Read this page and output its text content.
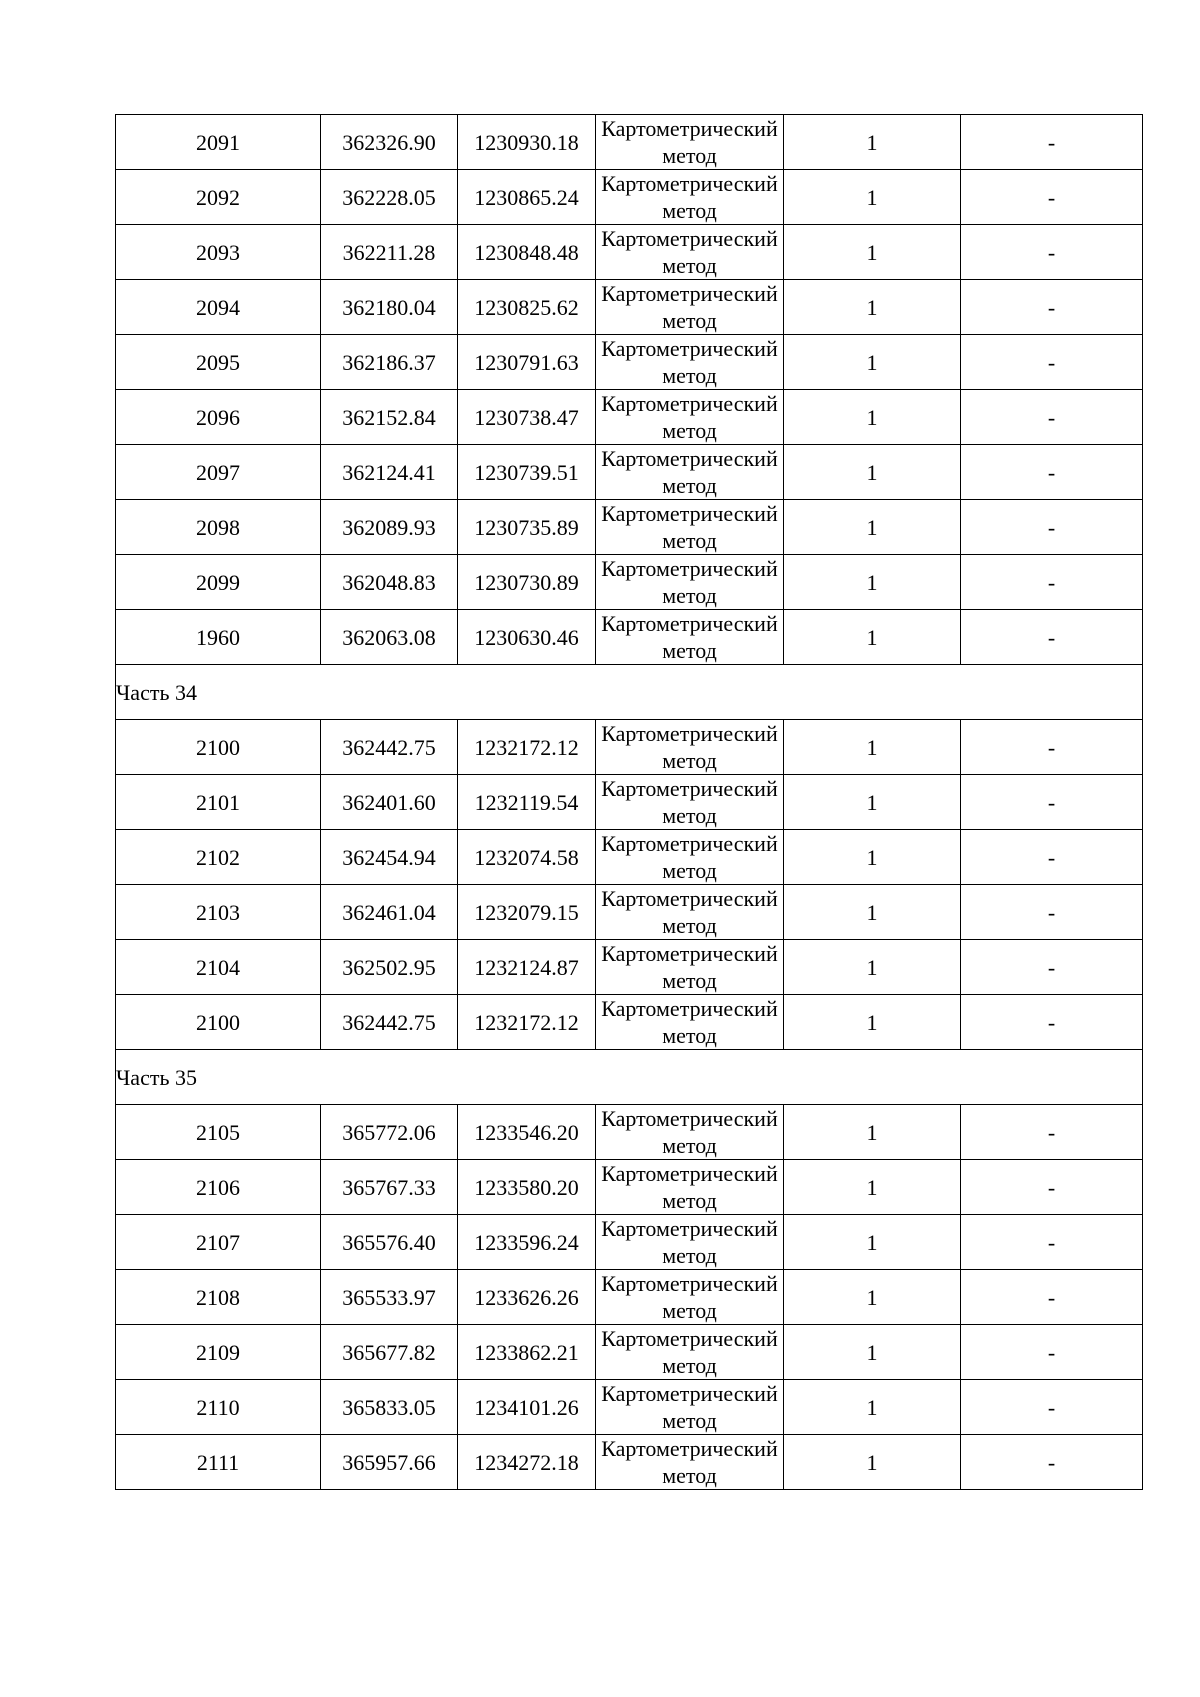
2091	362326.90	1230930.18	Картометрический метод	1	-
2092	362228.05	1230865.24	Картометрический метод	1	-
2093	362211.28	1230848.48	Картометрический метод	1	-
2094	362180.04	1230825.62	Картометрический метод	1	-
2095	362186.37	1230791.63	Картометрический метод	1	-
2096	362152.84	1230738.47	Картометрический метод	1	-
2097	362124.41	1230739.51	Картометрический метод	1	-
2098	362089.93	1230735.89	Картометрический метод	1	-
2099	362048.83	1230730.89	Картометрический метод	1	-
1960	362063.08	1230630.46	Картометрический метод	1	-
Часть 34					
2100	362442.75	1232172.12	Картометрический метод	1	-
2101	362401.60	1232119.54	Картометрический метод	1	-
2102	362454.94	1232074.58	Картометрический метод	1	-
2103	362461.04	1232079.15	Картометрический метод	1	-
2104	362502.95	1232124.87	Картометрический метод	1	-
2100	362442.75	1232172.12	Картометрический метод	1	-
Часть 35					
2105	365772.06	1233546.20	Картометрический метод	1	-
2106	365767.33	1233580.20	Картометрический метод	1	-
2107	365576.40	1233596.24	Картометрический метод	1	-
2108	365533.97	1233626.26	Картометрический метод	1	-
2109	365677.82	1233862.21	Картометрический метод	1	-
2110	365833.05	1234101.26	Картометрический метод	1	-
2111	365957.66	1234272.18	Картометрический метод	1	-
